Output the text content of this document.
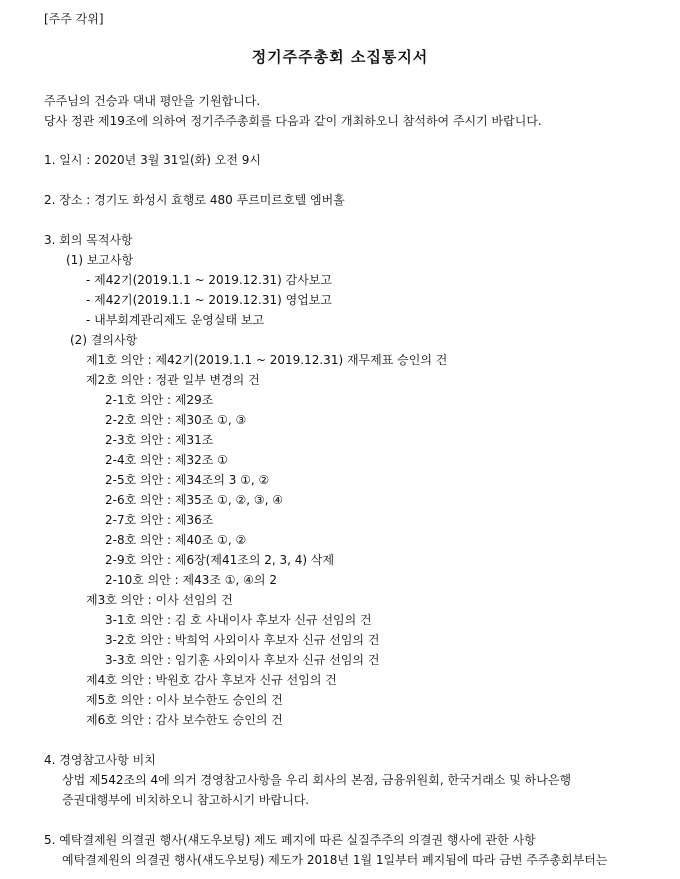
[주주 각위]
정기주주총회 소집통지서
주주님의 건승과 댁내 평안을 기원합니다.
당사 정관 제19조에 의하여 정기주주총회를 다음과 같이 개최하오니 참석하여 주시기 바랍니다.
1. 일시 : 2020년 3월 31일(화) 오전 9시
2. 장소 : 경기도 화성시 효행로 480 푸르미르호텔 엠버홀
3. 회의 목적사항
(1) 보고사항
- 제42기(2019.1.1 ~ 2019.12.31) 감사보고
- 제42기(2019.1.1 ~ 2019.12.31) 영업보고
- 내부회계관리제도 운영실태 보고
(2) 결의사항
제1호 의안 : 제42기(2019.1.1 ~ 2019.12.31) 재무제표 승인의 건
제2호 의안 : 정관 일부 변경의 건
2-1호 의안 : 제29조
2-2호 의안 : 제30조 ①, ③
2-3호 의안 : 제31조
2-4호 의안 : 제32조 ①
2-5호 의안 : 제34조의 3 ①, ②
2-6호 의안 : 제35조 ①, ②, ③, ④
2-7호 의안 : 제36조
2-8호 의안 : 제40조 ①, ②
2-9호 의안 : 제6장(제41조의 2, 3, 4) 삭제
2-10호 의안 : 제43조 ①, ④의 2
제3호 의안 : 이사 선임의 건
3-1호 의안 : 김 호 사내이사 후보자 신규 선임의 건
3-2호 의안 : 박희억 사외이사 후보자 신규 선임의 건
3-3호 의안 : 임기훈 사외이사 후보자 신규 선임의 건
제4호 의안 : 박원호 감사 후보자 신규 선임의 건
제5호 의안 : 이사 보수한도 승인의 건
제6호 의안 : 감사 보수한도 승인의 건
4. 경영참고사항 비치
상법 제542조의 4에 의거 경영참고사항을 우리 회사의 본점, 금융위원회, 한국거래소 및 하나은행
증권대행부에 비치하오니 참고하시기 바랍니다.
5. 예탁결제원 의결권 행사(섀도우보팅) 제도 폐지에 따른 실질주주의 의결권 행사에 관한 사항
예탁결제원의 의결권 행사(섀도우보팅) 제도가 2018년 1월 1일부터 폐지됨에 따라 금번 주주총회부터는
